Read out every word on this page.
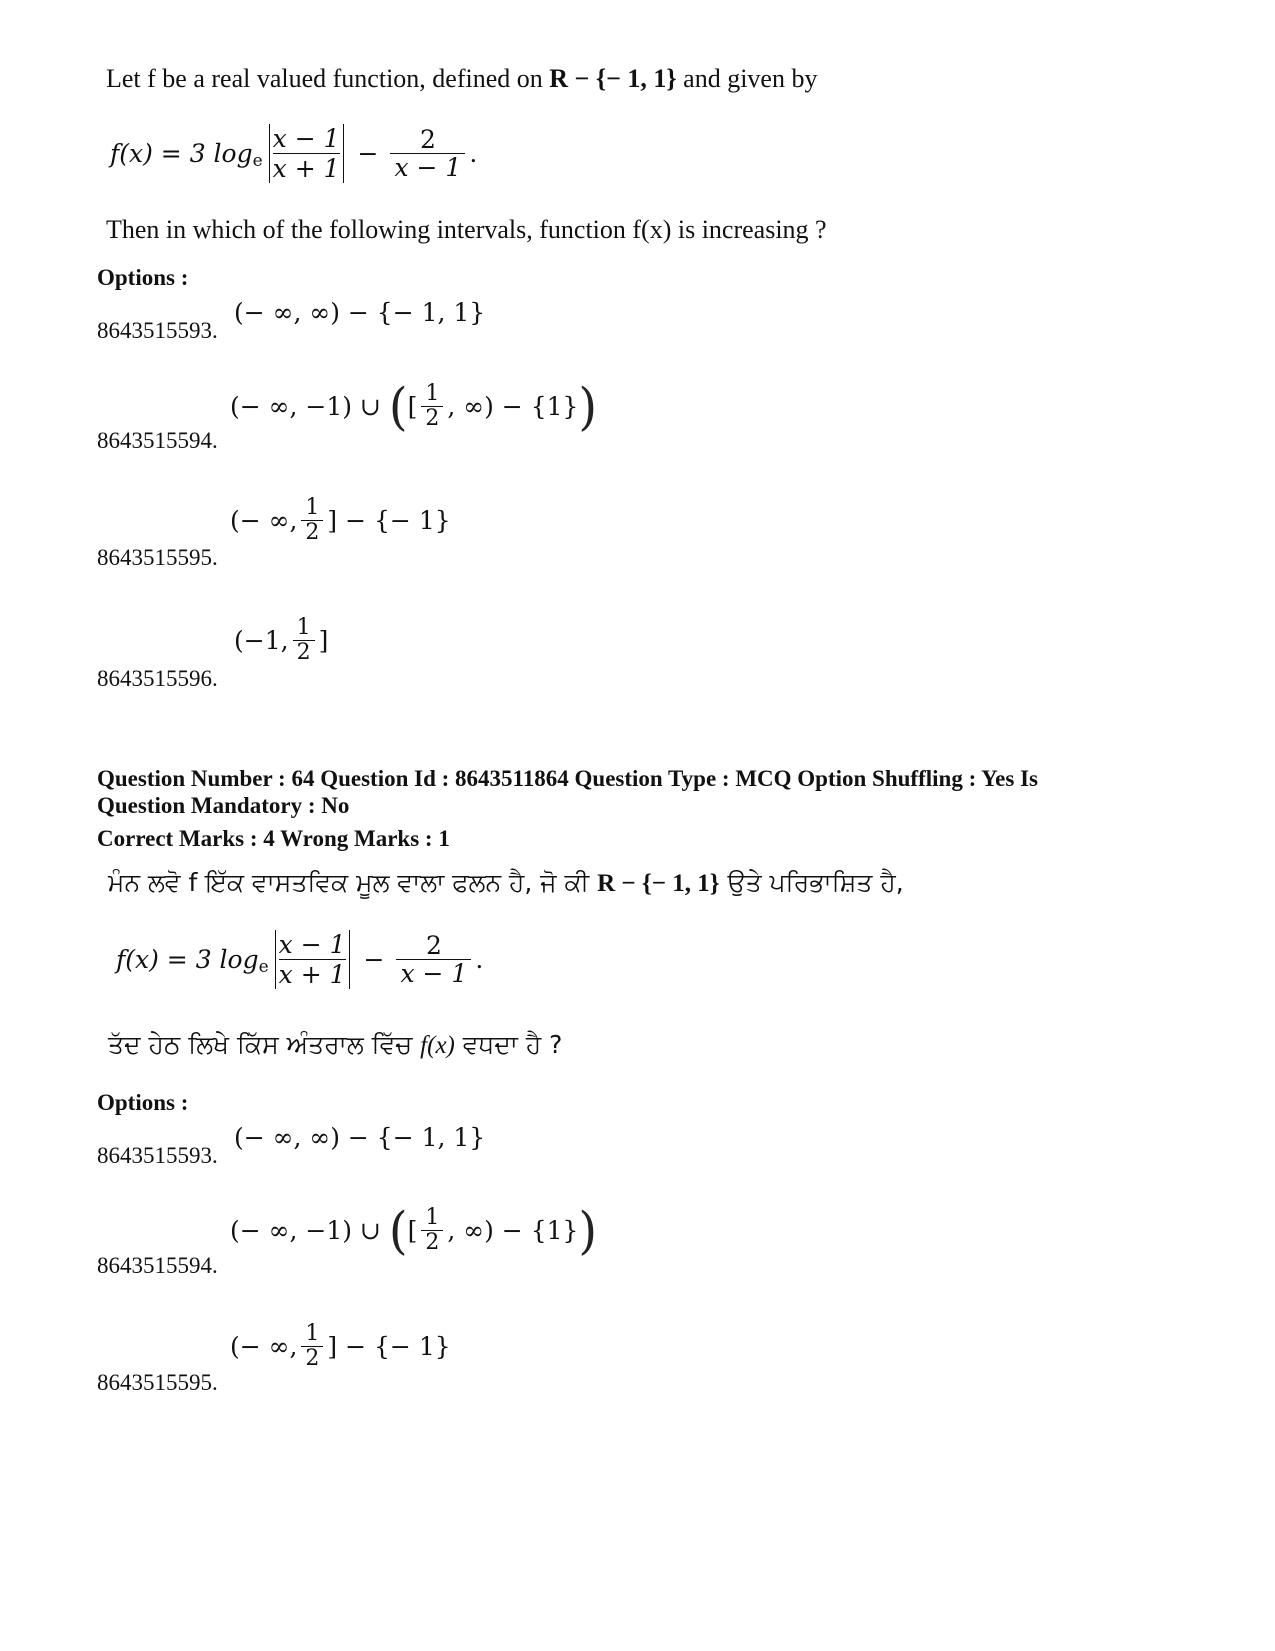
Let f be a real valued function, defined on R − {− 1, 1} and given by
f(x) = 3 $\log_e$
x − 1
x + 1
− $\frac{2}{x - 1}$ .
Then in which of the following intervals, function f(x) is increasing ?
Options :
8643515593.
(− ∞, ∞) − {− 1, 1}
8643515594.
(− ∞, −1) ∪ ( [ $\frac{1}{2}$ , ∞) − {1} )
8643515595.
(− ∞, $\frac{1}{2}$ ] − {− 1}
8643515596.
(−1, $\frac{1}{2}$ ]
Question Number : 64 Question Id : 8643511864 Question Type : MCQ Option Shuffling : Yes Is
Question Mandatory : No
Correct Marks : 4 Wrong Marks : 1
ਮੰਨ ਲਵੋ f ਇੱਕ ਵਾਸਤਵਿਕ ਮੂਲ ਵਾਲਾ ਫਲਨ ਹੈ, ਜੋ ਕੀ R − {− 1, 1} ਉਤੇ ਪਰਿਭਾਸ਼ਿਤ ਹੈ,
f(x) = 3 $\log_e$
x − 1
x + 1
− $\frac{2}{x - 1}$ .
ਤੱਦ ਹੇਠ ਲਿਖੇ ਕਿੱਸ ਅੰਤਰਾਲ ਵਿੱਚ f(x) ਵਧਦਾ ਹੈ ?
Options :
8643515593.
(− ∞, ∞) − {− 1, 1}
8643515594.
(− ∞, −1) ∪ ( [ $\frac{1}{2}$ , ∞) − {1} )
8643515595.
(− ∞, $\frac{1}{2}$ ] − {− 1}
